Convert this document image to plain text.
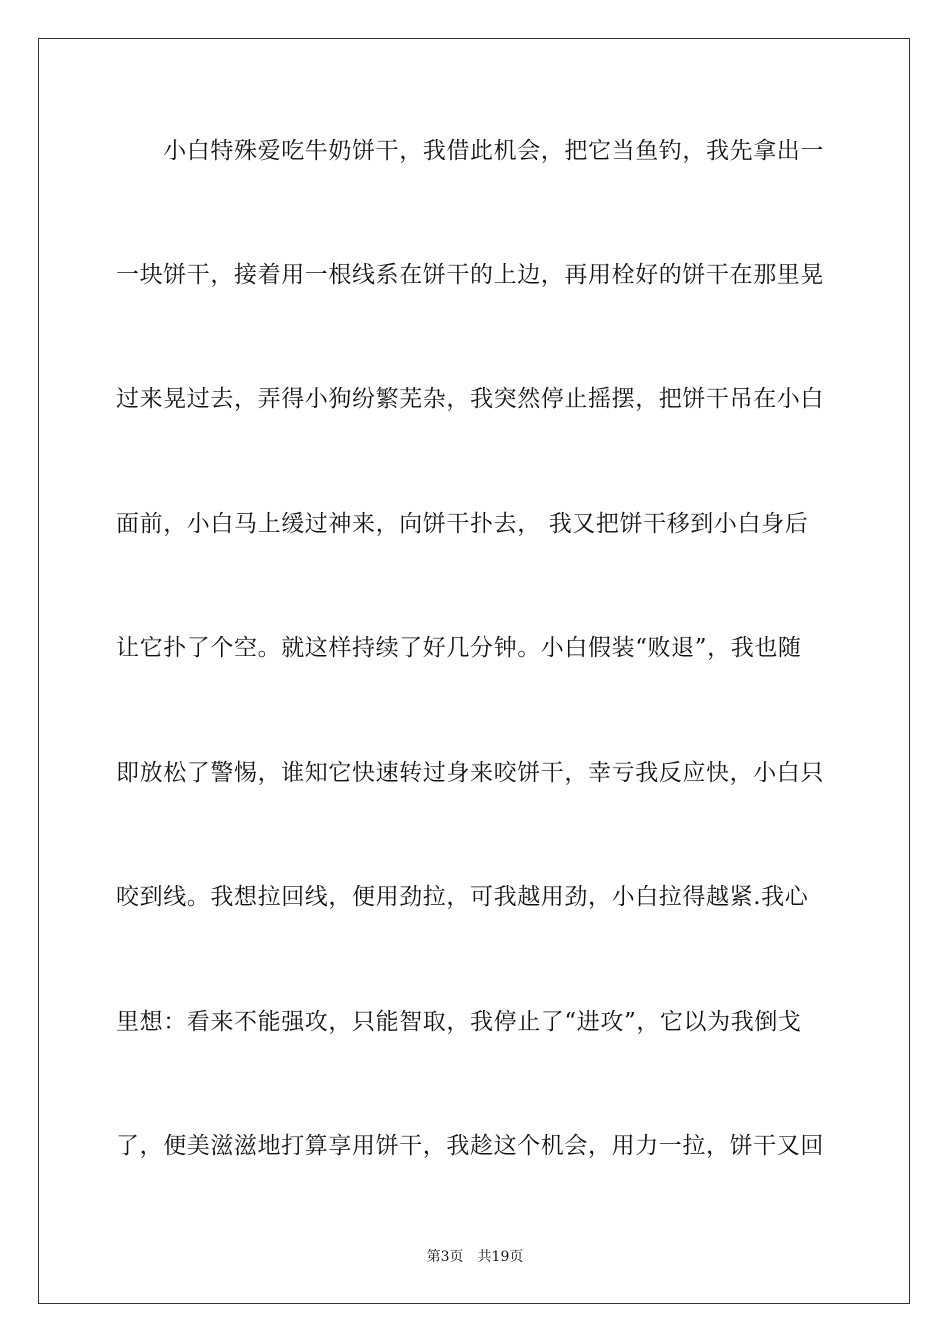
　　小白特殊爱吃牛奶饼干，我借此机会，把它当鱼钓，我先拿出一
一块饼干，接着用一根线系在饼干的上边，再用栓好的饼干在那里晃
过来晃过去，弄得小狗纷繁芜杂，我突然停止摇摆，把饼干吊在小白
面前，小白马上缓过神来，向饼干扑去， 我又把饼干移到小白身后
让它扑了个空。就这样持续了好几分钟。小白假装“败退”，我也随
即放松了警惕，谁知它快速转过身来咬饼干，幸亏我反应快，小白只
咬到线。我想拉回线，便用劲拉，可我越用劲，小白拉得越紧.我心
里想：看来不能强攻，只能智取，我停止了“进攻”，它以为我倒戈
了，便美滋滋地打算享用饼干，我趁这个机会，用力一拉，饼干又回
第3页　共19页
